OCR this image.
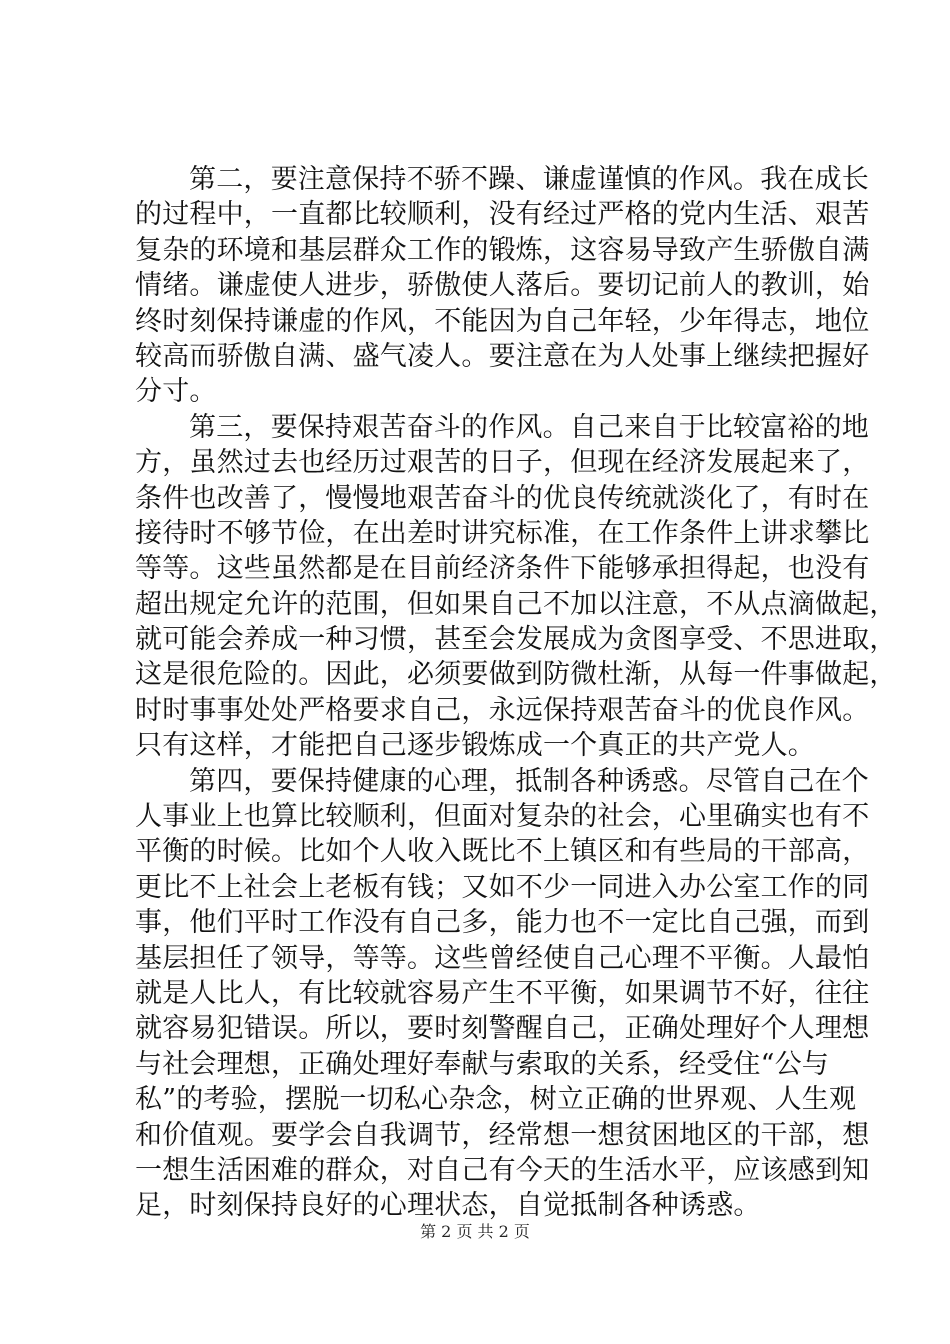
第二，要注意保持不骄不躁、谦虚谨慎的作风。我在成长
的过程中，一直都比较顺利，没有经过严格的党内生活、艰苦
复杂的环境和基层群众工作的锻炼，这容易导致产生骄傲自满
情绪。谦虚使人进步，骄傲使人落后。要切记前人的教训，始
终时刻保持谦虚的作风，不能因为自己年轻，少年得志，地位
较高而骄傲自满、盛气凌人。要注意在为人处事上继续把握好
分寸。
第三，要保持艰苦奋斗的作风。自己来自于比较富裕的地
方，虽然过去也经历过艰苦的日子，但现在经济发展起来了，
条件也改善了，慢慢地艰苦奋斗的优良传统就淡化了，有时在
接待时不够节俭，在出差时讲究标准，在工作条件上讲求攀比
等等。这些虽然都是在目前经济条件下能够承担得起，也没有
超出规定允许的范围，但如果自己不加以注意，不从点滴做起，
就可能会养成一种习惯，甚至会发展成为贪图享受、不思进取，
这是很危险的。因此，必须要做到防微杜渐，从每一件事做起，
时时事事处处严格要求自己，永远保持艰苦奋斗的优良作风。
只有这样，才能把自己逐步锻炼成一个真正的共产党人。
第四，要保持健康的心理，抵制各种诱惑。尽管自己在个
人事业上也算比较顺利，但面对复杂的社会，心里确实也有不
平衡的时候。比如个人收入既比不上镇区和有些局的干部高，
更比不上社会上老板有钱；又如不少一同进入办公室工作的同
事，他们平时工作没有自己多，能力也不一定比自己强，而到
基层担任了领导，等等。这些曾经使自己心理不平衡。人最怕
就是人比人，有比较就容易产生不平衡，如果调节不好，往往
就容易犯错误。所以，要时刻警醒自己，正确处理好个人理想
与社会理想，正确处理好奉献与索取的关系，经受住“公与
私”的考验，摆脱一切私心杂念，树立正确的世界观、人生观
和价值观。要学会自我调节，经常想一想贫困地区的干部，想
一想生活困难的群众，对自己有今天的生活水平，应该感到知
足，时刻保持良好的心理状态，自觉抵制各种诱惑。
第 2 页 共 2 页
